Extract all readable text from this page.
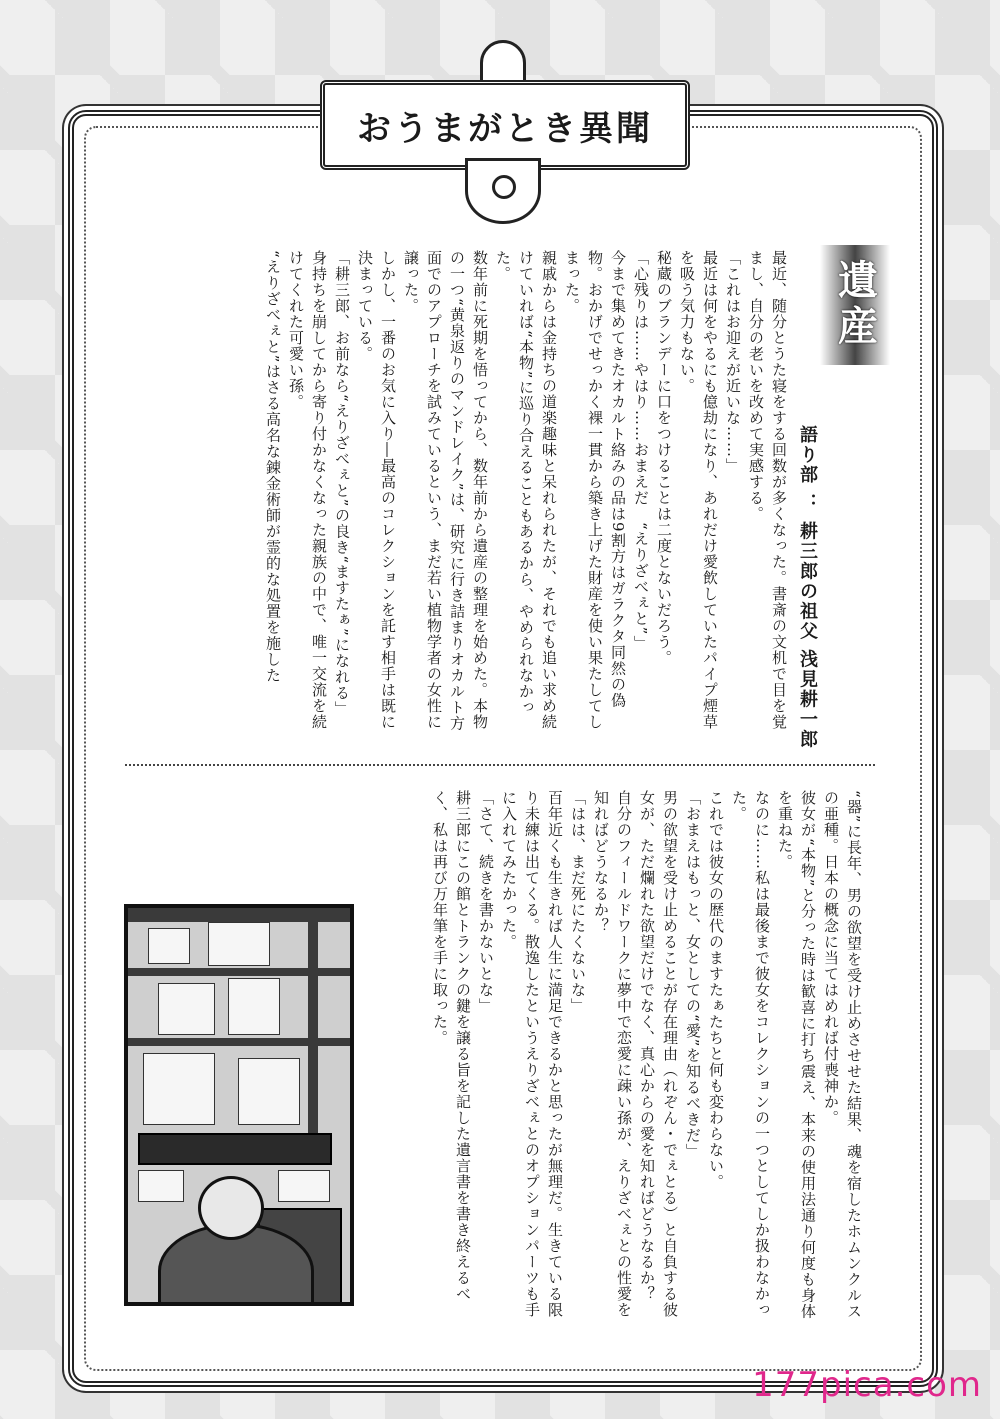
おうまがとき異聞
遺産
語り部 ： 耕三郎の祖父 浅見耕一郎

最近、随分とうた寝をする回数が多くなった。書斎の文机で目を覚まし、自分の老いを改めて実感する。

「これはお迎えが近いな……」

最近は何をやるにも億劫になり、あれだけ愛飲していたパイプ煙草を吸う気力もない。

秘蔵のブランデーに口をつけることは二度とないだろう。

「心残りは……やはり……おまえだ　“えりざべぇと”」

今まで集めてきたオカルト絡みの品は9割方はガラクタ同然の偽物。おかげでせっかく裸一貫から築き上げた財産を使い果たしてしまった。

親戚からは金持ちの道楽趣味と呆れられたが、それでも追い求め続けていれば“本物”に巡り合えることもあるから、やめられなかった。

数年前に死期を悟ってから、数年前から遺産の整理を始めた。本物の一つ“黄泉返りのマンドレイク”は、研究に行き詰まりオカルト方面でのアプローチを試みているという、まだ若い植物学者の女性に譲った。

しかし、一番のお気に入り―最高のコレクションを託す相手は既に決まっている。

「耕三郎、お前なら“えりざべぇと”の良き“ますたぁ”になれる」

身持ちを崩してから寄り付かなくなった親族の中で、唯一交流を続けてくれた可愛い孫。

“えりざべぇと”はさる高名な錬金術師が霊的な処置を施した

“器”に長年、男の欲望を受け止めさせせた結果、魂を宿したホムンクルスの亜種。日本の概念に当てはめれば付喪神か。

彼女が“本物”と分った時は歓喜に打ち震え、本来の使用法通り何度も身体を重ねた。

なのに……私は最後まで彼女をコレクションの一つとしてしか扱わなかった。

これでは彼女の歴代のますたぁたちと何も変わらない。

「おまえはもっと、女としての“愛”を知るべきだ」

男の欲望を受け止めることが存在理由（れぞん・でぇとる）と自負する彼女が、ただ爛れた欲望だけでなく、真心からの愛を知ればどうなるか？　自分のフィールドワークに夢中で恋愛に疎い孫が、えりざべぇとの性愛を知ればどうなるか？

「はは、まだ死にたくないな」

百年近くも生きれば人生に満足できるかと思ったが無理だ。生きている限り未練は出てくる。散逸したというえりざべぇとのオプションパーツも手に入れてみたかった。

「さて、続きを書かないとな」

耕三郎にこの館とトランクの鍵を譲る旨を記した遺言書を書き終えるべく、私は再び万年筆を手に取った。

177pica.com
